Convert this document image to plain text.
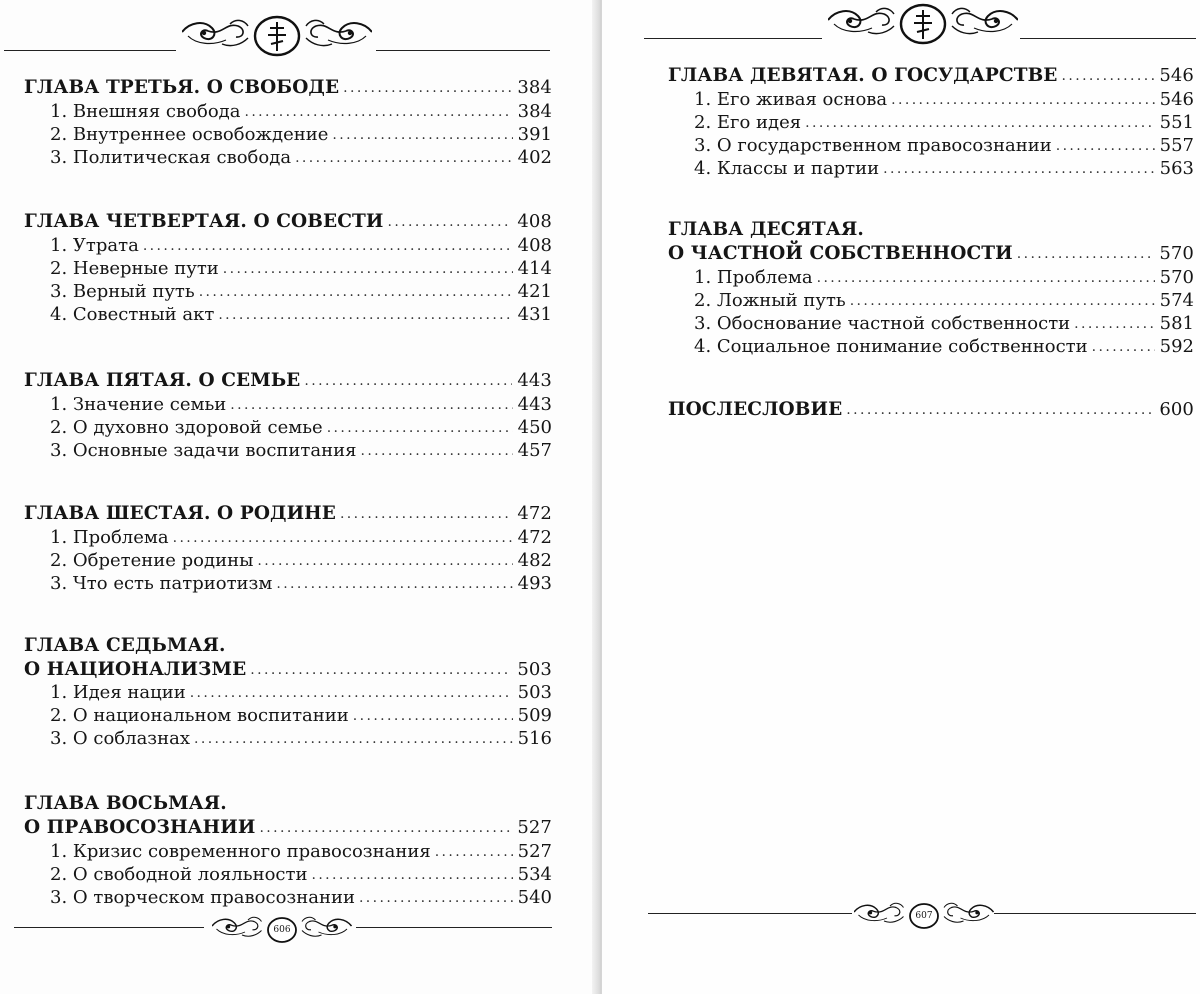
ГЛАВА ТРЕТЬЯ. О СВОБОДЕ .....	384
1. Внешняя свобода .....	384
2. Внутреннее освобождение .....	391
3. Политическая свобода .....	402
ГЛАВА ЧЕТВЕРТАЯ. О СОВЕСТИ .....	408
1. Утрата .....	408
2. Неверные пути .....	414
3. Верный путь .....	421
4. Совестный акт .....	431
ГЛАВА ПЯТАЯ. О СЕМЬЕ .....	443
1. Значение семьи .....	443
2. О духовно здоровой семье .....	450
3. Основные задачи воспитания .....	457
ГЛАВА ШЕСТАЯ. О РОДИНЕ .....	472
1. Проблема .....	472
2. Обретение родины .....	482
3. Что есть патриотизм .....	493
ГЛАВА СЕДЬМАЯ.
О НАЦИОНАЛИЗМЕ .....	503
1. Идея нации .....	503
2. О национальном воспитании .....	509
3. О соблазнах .....	516
ГЛАВА ВОСЬМАЯ.
О ПРАВОСОЗНАНИИ .....	527
1. Кризис современного правосознания .....	527
2. О свободной лояльности .....	534
3. О творческом правосознании .....	540
606
ГЛАВА ДЕВЯТАЯ. О ГОСУДАРСТВЕ .....	546
1. Его живая основа .....	546
2. Его идея .....	551
3. О государственном правосознании .....	557
4. Классы и партии .....	563
ГЛАВА ДЕСЯТАЯ.
О ЧАСТНОЙ СОБСТВЕННОСТИ .....	570
1. Проблема .....	570
2. Ложный путь .....	574
3. Обоснование частной собственности .....	581
4. Социальное понимание собственности .....	592
ПОСЛЕСЛОВИЕ .....	600
607
